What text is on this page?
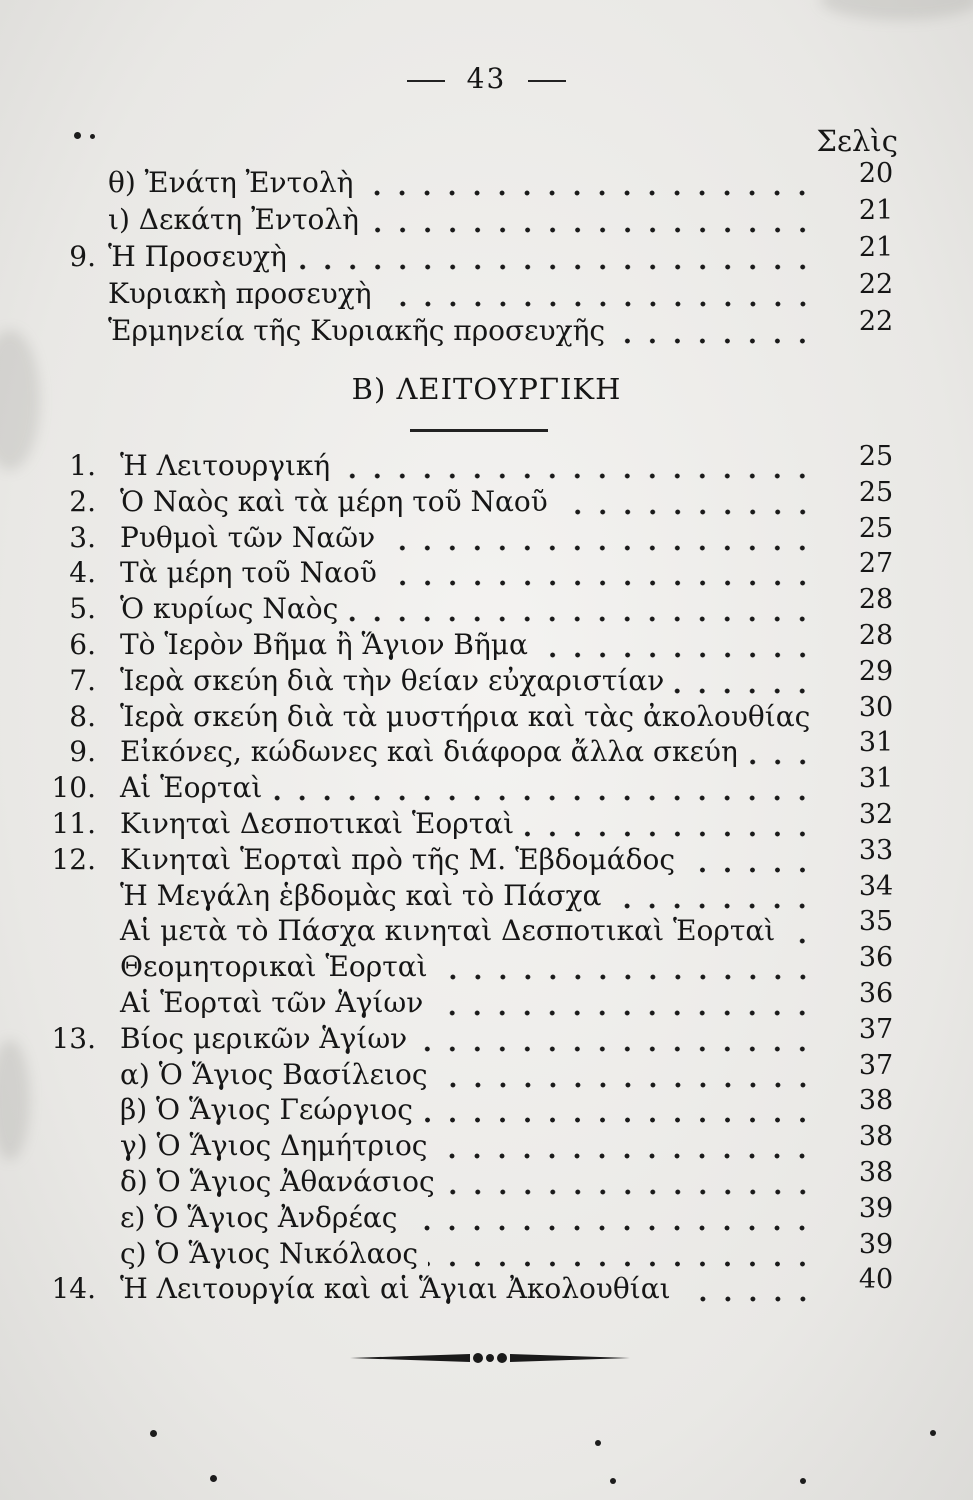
43
Σελὶς
Β) ΛΕΙΤΟΥΡΓΙΚΗ
θ) Ἐνάτη Ἐντολὴ	20
ι) Δεκάτη Ἐντολὴ	21
9. Ἡ Προσευχὴ	21
Κυριακὴ προσευχὴ	22
Ἑρμηνεία τῆς Κυριακῆς προσευχῆς	22
1. Ἡ Λειτουργική	25
2. Ὁ Ναὸς καὶ τὰ μέρη τοῦ Ναοῦ	25
3. Ρυθμοὶ τῶν Ναῶν	25
4. Τὰ μέρη τοῦ Ναοῦ	27
5. Ὁ κυρίως Ναὸς	28
6. Τὸ Ἱερὸν Βῆμα ἢ Ἅγιον Βῆμα	28
7. Ἱερὰ σκεύη διὰ τὴν θείαν εὐχαριστίαν	29
8. Ἱερὰ σκεύη διὰ τὰ μυστήρια καὶ τὰς ἀκολουθίας	30
9. Εἰκόνες, κώδωνες καὶ διάφορα ἄλλα σκεύη	31
10. Αἱ Ἑορταὶ	31
11. Κινηταὶ Δεσποτικαὶ Ἑορταὶ	32
12. Κινηταὶ Ἑορταὶ πρὸ τῆς Μ. Ἑβδομάδος	33
Ἡ Μεγάλη ἑβδομὰς καὶ τὸ Πάσχα	34
Αἱ μετὰ τὸ Πάσχα κινηταὶ Δεσποτικαὶ Ἑορταὶ	35
Θεομητορικαὶ Ἑορταὶ	36
Αἱ Ἑορταὶ τῶν Ἁγίων	36
13. Βίος μερικῶν Ἁγίων	37
α) Ὁ Ἅγιος Βασίλειος	37
β) Ὁ Ἅγιος Γεώργιος	38
γ) Ὁ Ἅγιος Δημήτριος	38
δ) Ὁ Ἅγιος Ἀθανάσιος	38
ε) Ὁ Ἅγιος Ἀνδρέας	39
ς) Ὁ Ἅγιος Νικόλαος	39
14. Ἡ Λειτουργία καὶ αἱ Ἅγιαι Ἀκολουθίαι	40
